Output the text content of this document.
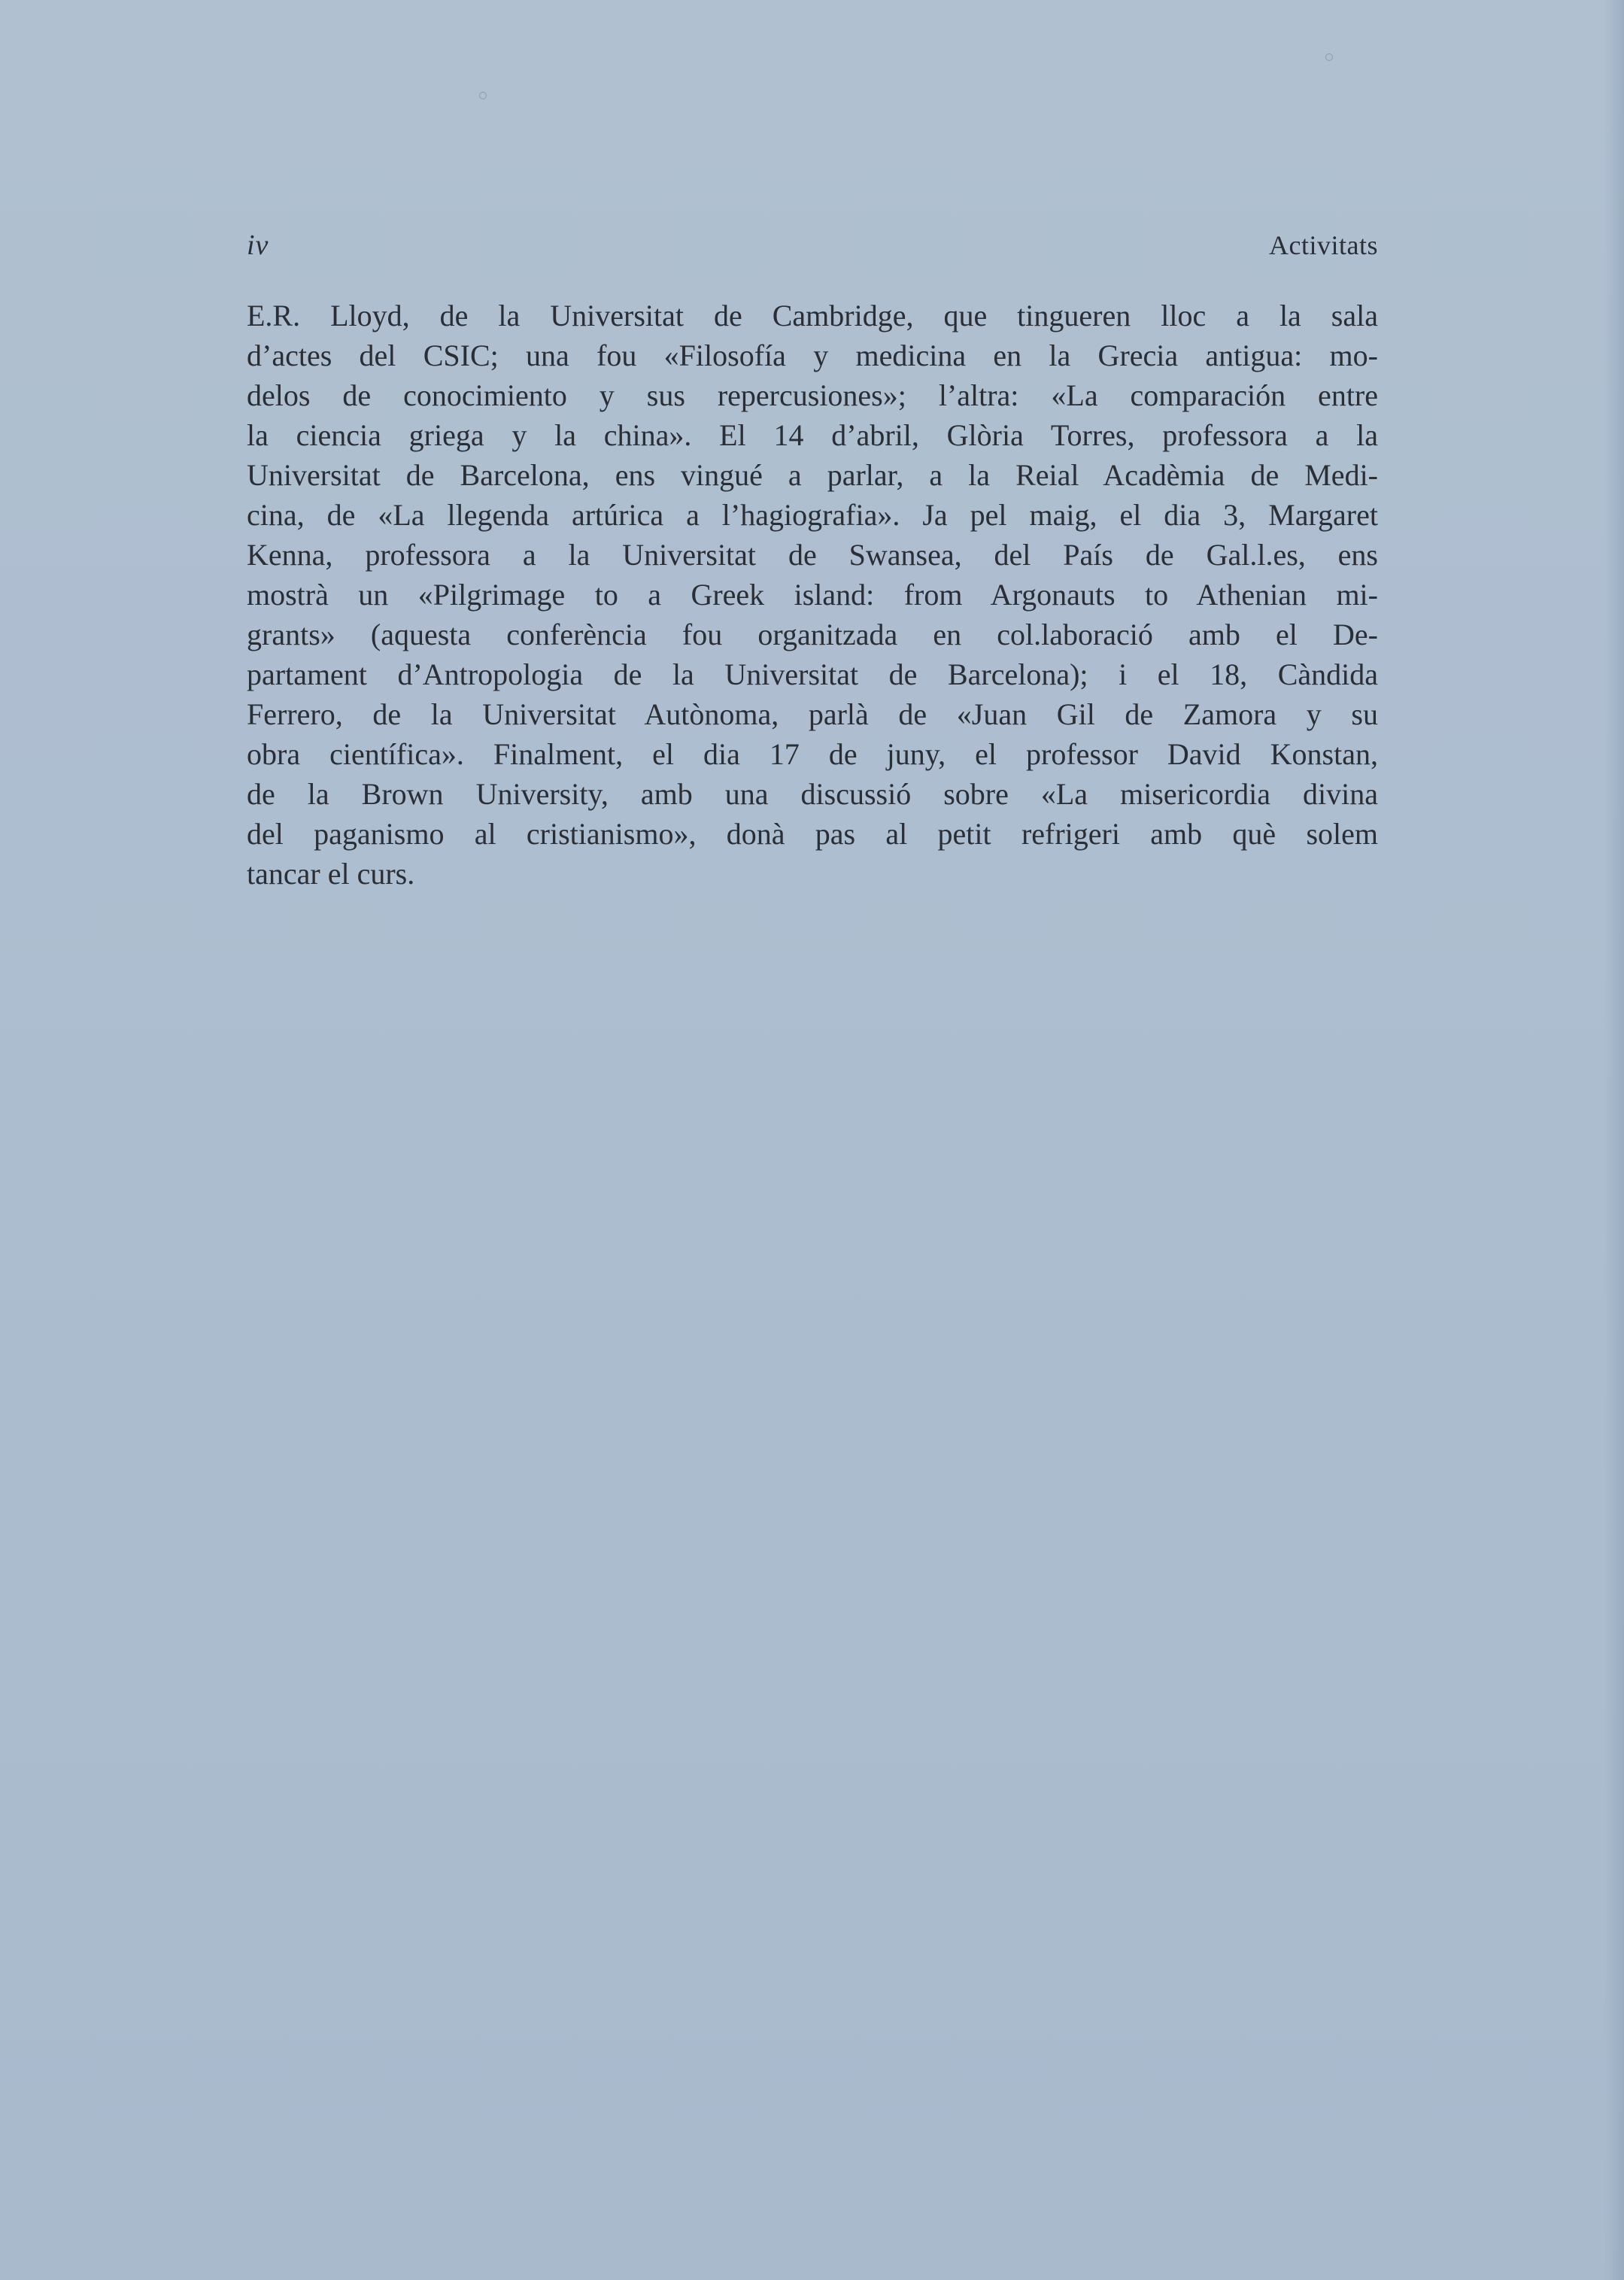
iv	Activitats
E.R. Lloyd, de la Universitat de Cambridge, que tingueren lloc a la sala
d’actes del CSIC; una fou «Filosofía y medicina en la Grecia antigua: mo-
delos de conocimiento y sus repercusiones»; l’altra: «La comparación entre
la ciencia griega y la china». El 14 d’abril, Glòria Torres, professora a la
Universitat de Barcelona, ens vingué a parlar, a la Reial Acadèmia de Medi-
cina, de «La llegenda artúrica a l’hagiografia». Ja pel maig, el dia 3, Margaret
Kenna, professora a la Universitat de Swansea, del País de Gal.l.es, ens
mostrà un «Pilgrimage to a Greek island: from Argonauts to Athenian mi-
grants» (aquesta conferència fou organitzada en col.laboració amb el De-
partament d’Antropologia de la Universitat de Barcelona); i el 18, Càndida
Ferrero, de la Universitat Autònoma, parlà de «Juan Gil de Zamora y su
obra científica». Finalment, el dia 17 de juny, el professor David Konstan,
de la Brown University, amb una discussió sobre «La misericordia divina
del paganismo al cristianismo», donà pas al petit refrigeri amb què solem
tancar el curs.
